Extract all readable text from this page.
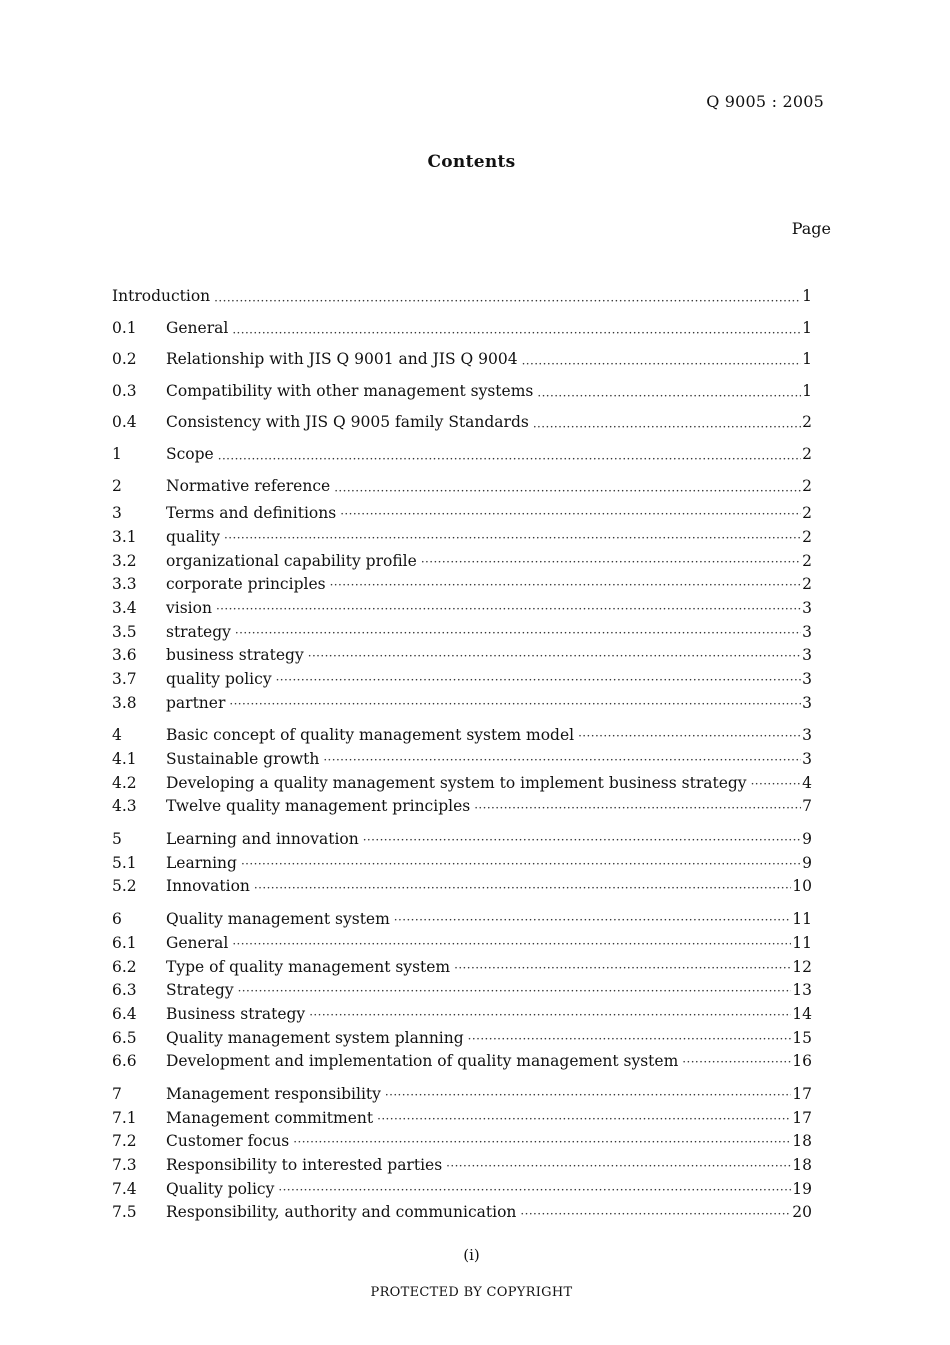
Q 9005 : 2005
Contents
Page
Introduction ·····	1
0.1	General ·····	1
0.2	Relationship with JIS Q 9001 and JIS Q 9004 ·····	1
0.3	Compatibility with other management systems ·····	1
0.4	Consistency with JIS Q 9005 family Standards ·····	2
1	Scope ·····	2
2	Normative reference ·····	2
3	Terms and definitions ·····	2
3.1	quality ·····	2
3.2	organizational capability profile ·····	2
3.3	corporate principles ·····	2
3.4	vision ·····	3
3.5	strategy ·····	3
3.6	business strategy ·····	3
3.7	quality policy ·····	3
3.8	partner ·····	3
4	Basic concept of quality management system model ·····	3
4.1	Sustainable growth ·····	3
4.2	Developing a quality management system to implement business strategy ·····	4
4.3	Twelve quality management principles ·····	7
5	Learning and innovation ·····	9
5.1	Learning ·····	9
5.2	Innovation ·····	10
6	Quality management system ·····	11
6.1	General ·····	11
6.2	Type of quality management system ·····	12
6.3	Strategy ·····	13
6.4	Business strategy ·····	14
6.5	Quality management system planning ·····	15
6.6	Development and implementation of quality management system ·····	16
7	Management responsibility ·····	17
7.1	Management commitment ·····	17
7.2	Customer focus ·····	18
7.3	Responsibility to interested parties ·····	18
7.4	Quality policy ·····	19
7.5	Responsibility, authority and communication ·····	20
(i)
PROTECTED BY COPYRIGHT
